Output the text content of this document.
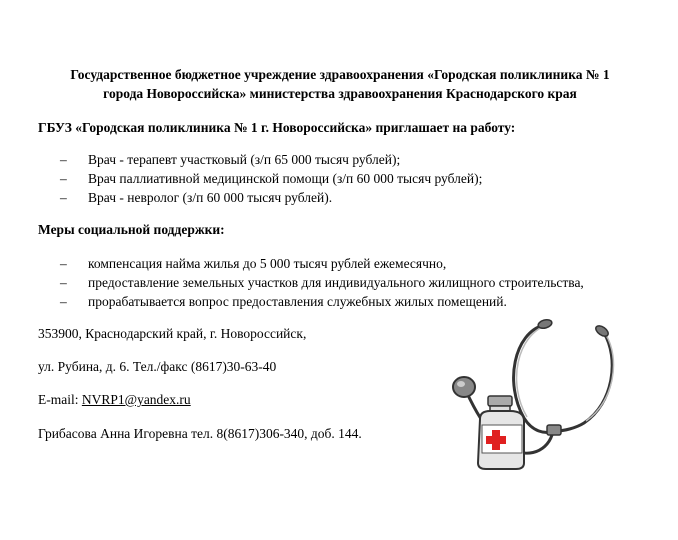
Государственное бюджетное учреждение здравоохранения «Городская поликлиника № 1
города Новороссийска» министерства здравоохранения Краснодарского края
ГБУЗ «Городская поликлиника № 1 г. Новороссийска» приглашает на работу:
– Врач - терапевт участковый (з/п 65 000 тысяч рублей);
– Врач паллиативной медицинской помощи (з/п 60 000 тысяч рублей);
– Врач - невролог (з/п 60 000 тысяч рублей).
Меры социальной поддержки:
– компенсация найма жилья до 5 000 тысяч рублей ежемесячно,
– предоставление земельных участков для индивидуального жилищного строительства,
– прорабатывается вопрос предоставления служебных жилых помещений.
353900, Краснодарский край, г. Новороссийск,
ул. Рубина, д. 6. Тел./факс (8617)30-63-40
E-mail: NVRP1@yandex.ru
Грибасова Анна Игоревна тел. 8(8617)306-340, доб. 144.
